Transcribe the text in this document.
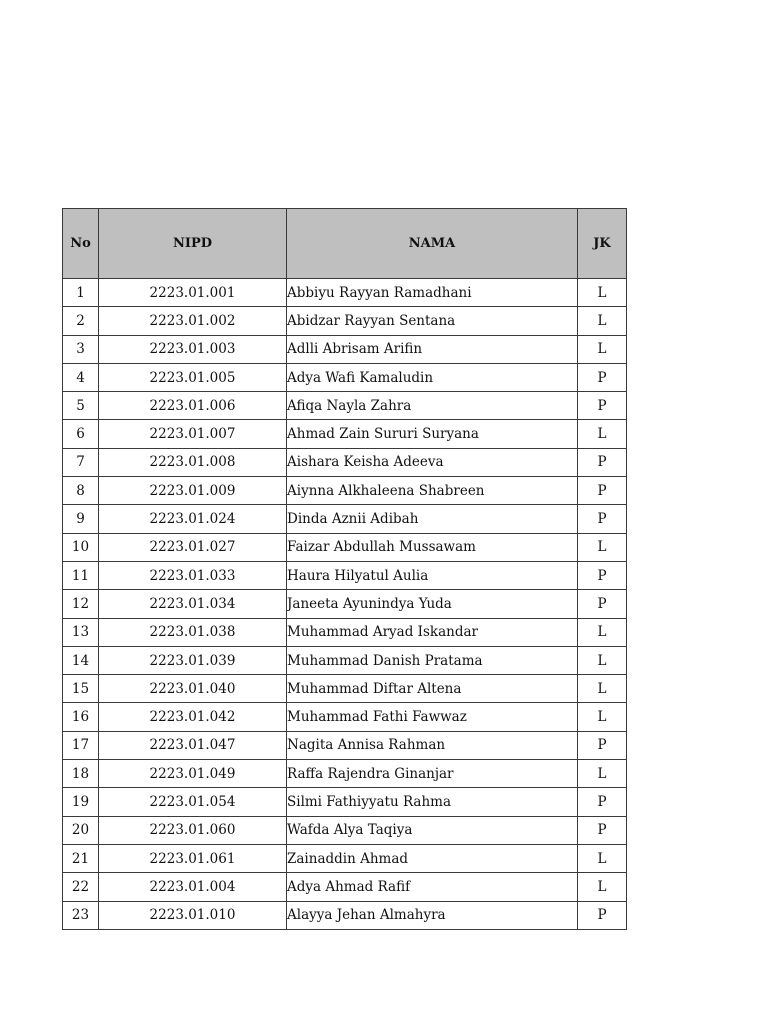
No	NIPD	NAMA	JK
1	2223.01.001	Abbiyu Rayyan Ramadhani	L
2	2223.01.002	Abidzar Rayyan Sentana	L
3	2223.01.003	Adlli Abrisam Arifin	L
4	2223.01.005	Adya Wafi Kamaludin	P
5	2223.01.006	Afiqa Nayla Zahra	P
6	2223.01.007	Ahmad Zain Sururi Suryana	L
7	2223.01.008	Aishara Keisha Adeeva	P
8	2223.01.009	Aiynna Alkhaleena Shabreen	P
9	2223.01.024	Dinda Aznii Adibah	P
10	2223.01.027	Faizar Abdullah Mussawam	L
11	2223.01.033	Haura Hilyatul Aulia	P
12	2223.01.034	Janeeta Ayunindya Yuda	P
13	2223.01.038	Muhammad Aryad Iskandar	L
14	2223.01.039	Muhammad Danish Pratama	L
15	2223.01.040	Muhammad Diftar Altena	L
16	2223.01.042	Muhammad Fathi Fawwaz	L
17	2223.01.047	Nagita Annisa Rahman	P
18	2223.01.049	Raffa Rajendra Ginanjar	L
19	2223.01.054	Silmi Fathiyyatu Rahma	P
20	2223.01.060	Wafda Alya Taqiya	P
21	2223.01.061	Zainaddin Ahmad	L
22	2223.01.004	Adya Ahmad Rafif	L
23	2223.01.010	Alayya Jehan Almahyra	P
